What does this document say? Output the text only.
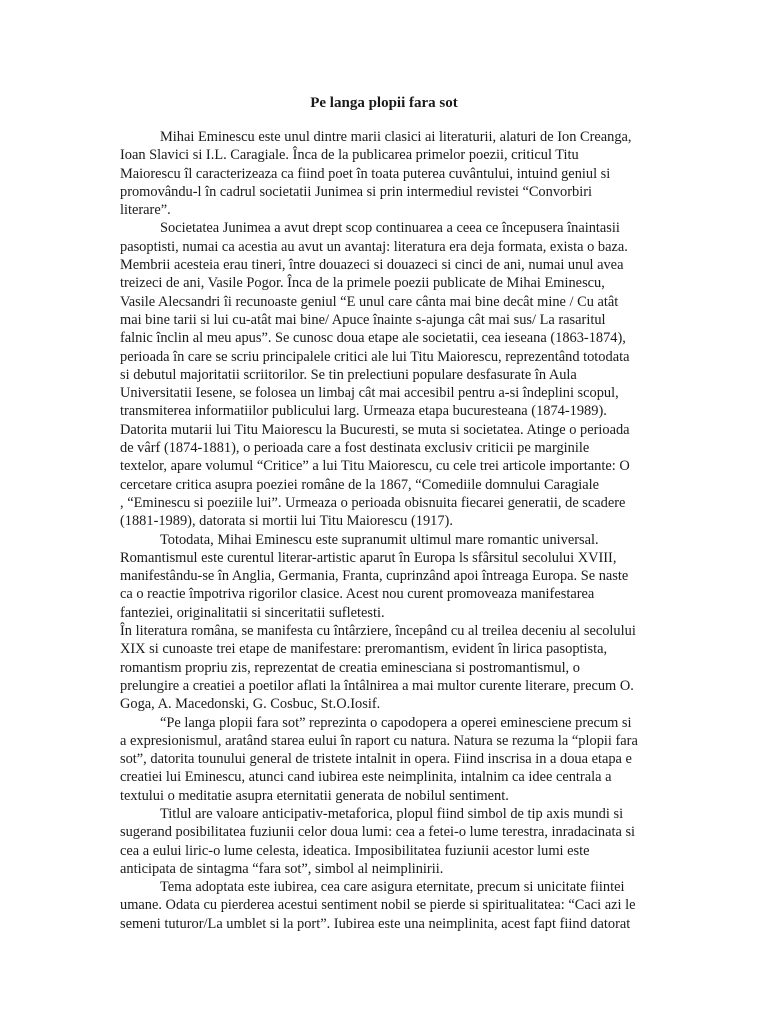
Pe langa plopii fara sot
Mihai Eminescu este unul dintre marii clasici ai literaturii, alaturi de Ion Creanga,
Ioan Slavici si I.L. Caragiale. Înca de la publicarea primelor poezii, criticul Titu
Maiorescu îl caracterizeaza ca fiind poet în toata puterea cuvântului, intuind geniul si
promovându-l în cadrul societatii Junimea si prin intermediul revistei “Convorbiri
literare”.
Societatea Junimea a avut drept scop continuarea a ceea ce începusera înaintasii
pasoptisti, numai ca acestia au avut un avantaj: literatura era deja formata, exista o baza.
Membrii acesteia erau tineri, între douazeci si douazeci si cinci de ani, numai unul avea
treizeci de ani, Vasile Pogor. Înca de la primele poezii publicate de Mihai Eminescu,
Vasile Alecsandri îi recunoaste geniul “E unul care cânta mai bine decât mine / Cu atât
mai bine tarii si lui cu-atât mai bine/ Apuce înainte s-ajunga cât mai sus/ La rasaritul
falnic înclin al meu apus”. Se cunosc doua etape ale societatii, cea ieseana (1863-1874),
perioada în care se scriu principalele critici ale lui Titu Maiorescu, reprezentând totodata
si debutul majoritatii scriitorilor. Se tin prelectiuni populare desfasurate în Aula
Universitatii Iesene, se folosea un limbaj cât mai accesibil pentru a-si îndeplini scopul,
transmiterea informatiilor publicului larg. Urmeaza etapa bucuresteana (1874-1989).
Datorita mutarii lui Titu Maiorescu la Bucuresti, se muta si societatea. Atinge o perioada
de vârf (1874-1881), o perioada care a fost destinata exclusiv criticii pe marginile
textelor, apare volumul “Critice” a lui Titu Maiorescu, cu cele trei articole importante: O
cercetare critica asupra poeziei române de la 1867, “Comediile domnului Caragiale
, “Eminescu si poeziile lui”. Urmeaza o perioada obisnuita fiecarei generatii, de scadere
(1881-1989), datorata si mortii lui Titu Maiorescu (1917).
Totodata, Mihai Eminescu este supranumit ultimul mare romantic universal.
Romantismul este curentul literar-artistic aparut în Europa ls sfârsitul secolului XVIII,
manifestându-se în Anglia, Germania, Franta, cuprinzând apoi întreaga Europa. Se naste
ca o reactie împotriva rigorilor clasice. Acest nou curent promoveaza manifestarea
fanteziei, originalitatii si sinceritatii sufletesti.
În literatura româna, se manifesta cu întârziere, începând cu al treilea deceniu al secolului
XIX si cunoaste trei etape de manifestare: preromantism, evident în lirica pasoptista,
romantism propriu zis, reprezentat de creatia eminesciana si postromantismul, o
prelungire a creatiei a poetilor aflati la întâlnirea a mai multor curente literare, precum O.
Goga, A. Macedonski, G. Cosbuc, St.O.Iosif.
“Pe langa plopii fara sot” reprezinta o capodopera a operei eminesciene precum si
a expresionismul, aratând starea eului în raport cu natura. Natura se rezuma la “plopii fara
sot”, datorita tounului general de tristete intalnit in opera. Fiind inscrisa in a doua etapa e
creatiei lui Eminescu, atunci cand iubirea este neimplinita, intalnim ca idee centrala a
textului o meditatie asupra eternitatii generata de nobilul sentiment.
Titlul are valoare anticipativ-metaforica, plopul fiind simbol de tip axis mundi si
sugerand posibilitatea fuziunii celor doua lumi: cea a fetei-o lume terestra, inradacinata si
cea a eului liric-o lume celesta, ideatica. Imposibilitatea fuziunii acestor lumi este
anticipata de sintagma “fara sot”, simbol al neimplinirii.
Tema adoptata este iubirea, cea care asigura eternitate, precum si unicitate fiintei
umane. Odata cu pierderea acestui sentiment nobil se pierde si spiritualitatea: “Caci azi le
semeni tuturor/La umblet si la port”. Iubirea este una neimplinita, acest fapt fiind datorat
